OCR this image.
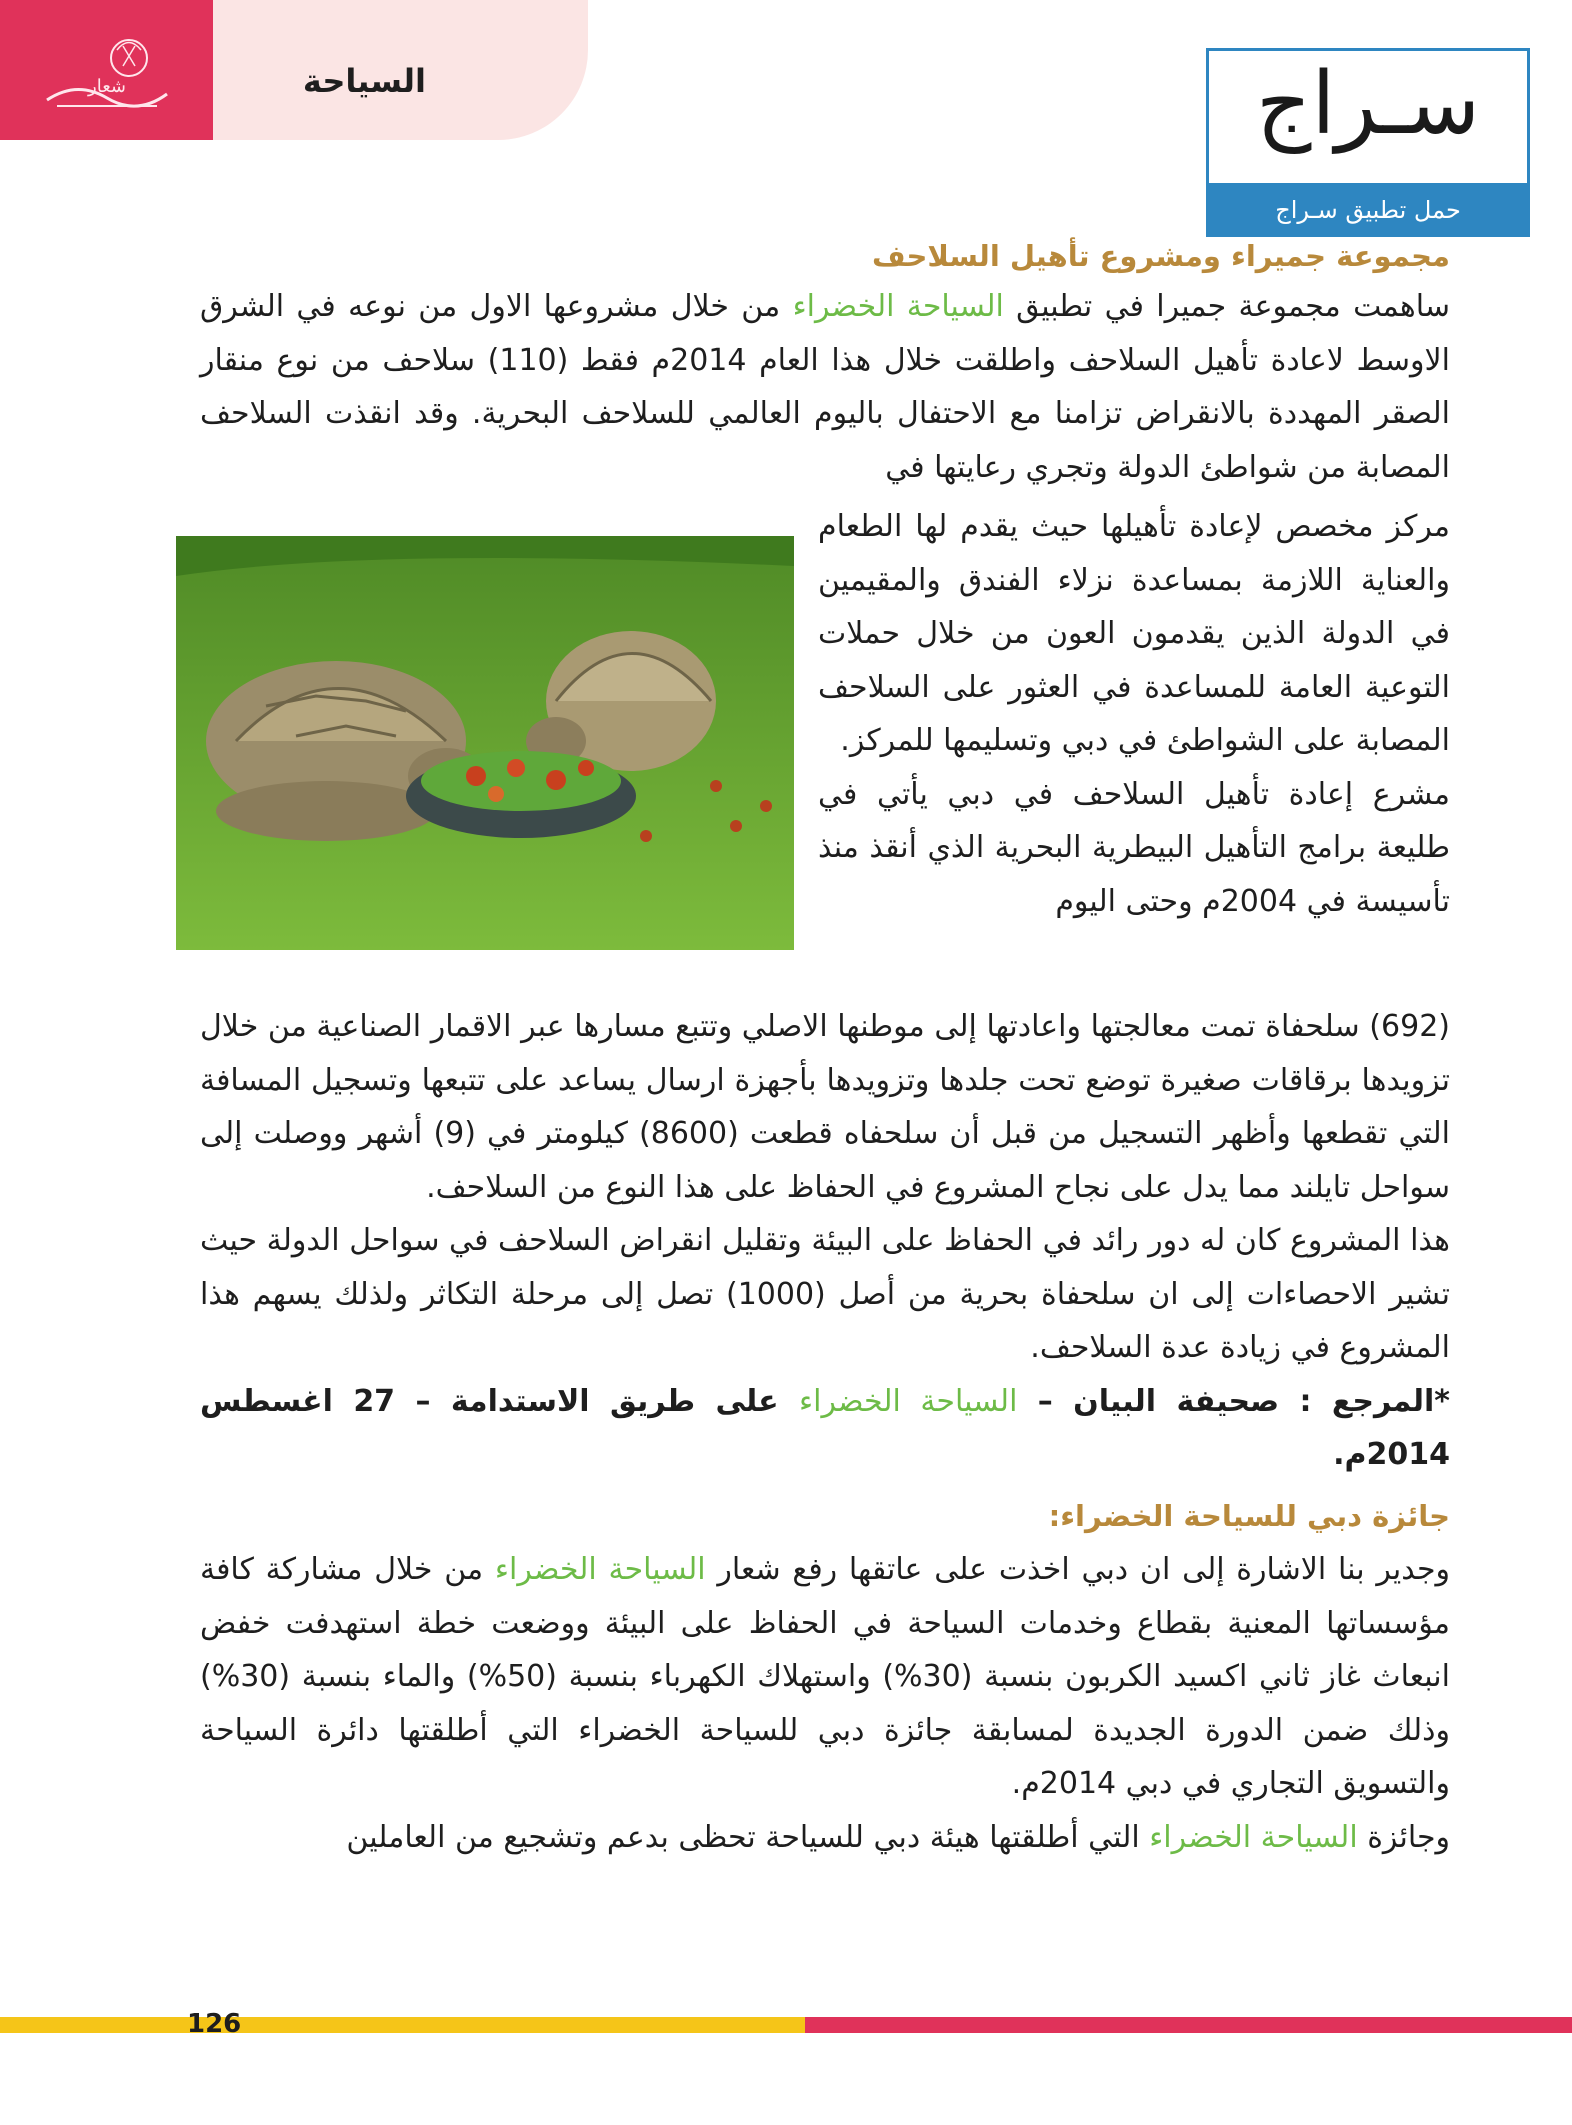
شعار	السياحة	سـراج
حمل تطبيق سـراج
مجموعة جميراء ومشروع تأهيل السلاحف
ساهمت مجموعة جميرا في تطبيق السياحة الخضراء من خلال مشروعها الاول من نوعه في الشرق الاوسط لاعادة تأهيل السلاحف واطلقت خلال هذا العام 2014م فقط (110) سلاحف من نوع منقار الصقر المهددة بالانقراض تزامنا مع الاحتفال باليوم العالمي للسلاحف البحرية. وقد انقذت السلاحف المصابة من شواطئ الدولة وتجري رعايتها في
مركز مخصص لإعادة تأهيلها حيث يقدم لها الطعام والعناية اللازمة بمساعدة نزلاء الفندق والمقيمين في الدولة الذين يقدمون العون من خلال حملات التوعية العامة للمساعدة في العثور على السلاحف المصابة على الشواطئ في دبي وتسليمها للمركز.
مشرع إعادة تأهيل السلاحف في دبي يأتي في طليعة برامج التأهيل البيطرية البحرية الذي أنقذ منذ تأسيسة في 2004م وحتى اليوم
(692) سلحفاة تمت معالجتها واعادتها إلى موطنها الاصلي وتتبع مسارها عبر الاقمار الصناعية من خلال تزويدها برقاقات صغيرة توضع تحت جلدها وتزويدها بأجهزة ارسال يساعد على تتبعها وتسجيل المسافة التي تقطعها وأظهر التسجيل من قبل أن سلحفاه قطعت (8600) كيلومتر في (9) أشهر ووصلت إلى سواحل تايلند مما يدل على نجاح المشروع في الحفاظ على هذا النوع من السلاحف.
هذا المشروع كان له دور رائد في الحفاظ على البيئة وتقليل انقراض السلاحف في سواحل الدولة حيث تشير الاحصاءات إلى ان سلحفاة بحرية من أصل (1000) تصل إلى مرحلة التكاثر ولذلك يسهم هذا المشروع في زيادة عدة السلاحف.
*المرجع : صحيفة البيان – السياحة الخضراء على طريق الاستدامة – 27 اغسطس 2014م.
جائزة دبي للسياحة الخضراء:
وجدير بنا الاشارة إلى ان دبي اخذت على عاتقها رفع شعار السياحة الخضراء من خلال مشاركة كافة مؤسساتها المعنية بقطاع وخدمات السياحة في الحفاظ على البيئة ووضعت خطة استهدفت خفض انبعاث غاز ثاني اكسيد الكربون بنسبة (30%) واستهلاك الكهرباء بنسبة (50%) والماء بنسبة (30%) وذلك ضمن الدورة الجديدة لمسابقة جائزة دبي للسياحة الخضراء التي أطلقتها دائرة السياحة والتسويق التجاري في دبي 2014م.
وجائزة السياحة الخضراء التي أطلقتها هيئة دبي للسياحة تحظى بدعم وتشجيع من العاملين
126
